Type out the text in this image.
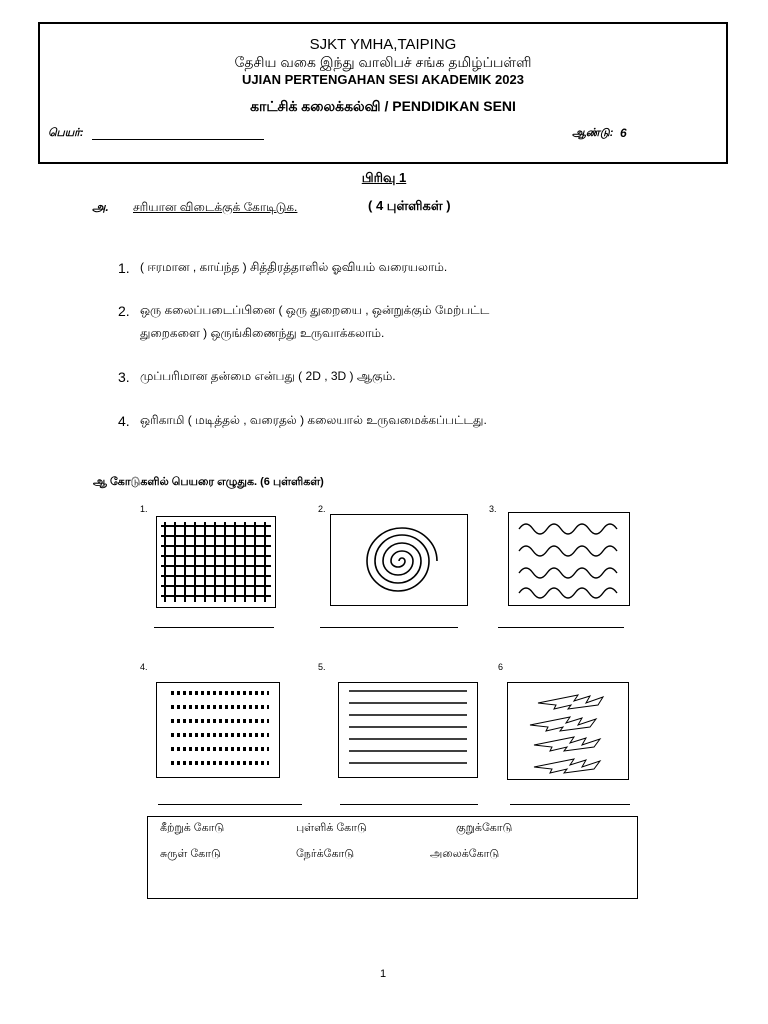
SJKT YMHA,TAIPING
தேசிய வகை இந்து வாலிபச் சங்க தமிழ்ப்பள்ளி
UJIAN PERTENGAHAN SESI AKADEMIK 2023
காட்சிக் கலைக்கல்வி / PENDIDIKAN SENI
பெயர்:	ஆண்டு: 6
பிரிவு 1
அ. சரியான விடைக்குக் கோடிடுக.	( 4 புள்ளிகள் )
1. ( ஈரமான , காய்ந்த ) சித்திரத்தாளில் ஓவியம் வரையலாம்.
2. ஒரு கலைப்படைப்பினை ( ஒரு துறையை , ஒன்றுக்கும் மேற்பட்ட
துறைகளை ) ஒருங்கிணைந்து உருவாக்கலாம்.
3. முப்பரிமான தன்மை என்பது ( 2D , 3D ) ஆகும்.
4. ஒரிகாமி ( மடித்தல் , வரைதல் ) கலையால் உருவமைக்கப்பட்டது.
ஆ கோடுகளில் பெயரை எழுதுக. (6 புள்ளிகள்)
1.	2.	3.
4.	5.	6
கீற்றுக் கோடு	புள்ளிக் கோடு	குறுக்கோடு
சுருள் கோடு	நேர்க்கோடு	அலைக்கோடு
1
